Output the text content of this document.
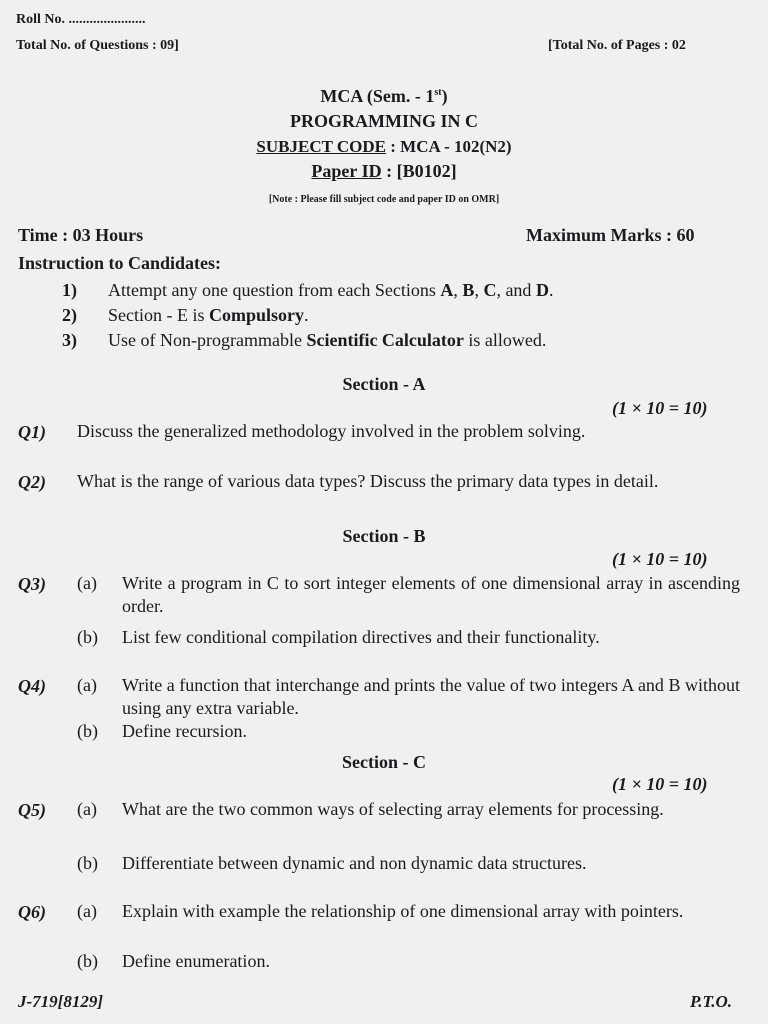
Roll No. ......................
Total No. of Questions : 09]	[Total No. of Pages : 02
MCA (Sem. - 1st)
PROGRAMMING IN C
SUBJECT CODE : MCA - 102(N2)
Paper ID : [B0102]
[Note : Please fill subject code and paper ID on OMR]
Time : 03 Hours	Maximum Marks : 60
Instruction to Candidates:
1) Attempt any one question from each Sections A, B, C, and D.
2) Section - E is Compulsory.
3) Use of Non-programmable Scientific Calculator is allowed.
Section - A
(1 × 10 = 10)
Q1) Discuss the generalized methodology involved in the problem solving.
Q2) What is the range of various data types? Discuss the primary data types in detail.
Section - B
(1 × 10 = 10)
Q3) (a) Write a program in C to sort integer elements of one dimensional array in ascending order.
(b) List few conditional compilation directives and their functionality.
Q4) (a) Write a function that interchange and prints the value of two integers A and B without using any extra variable.
(b) Define recursion.
Section - C
(1 × 10 = 10)
Q5) (a) What are the two common ways of selecting array elements for processing.
(b) Differentiate between dynamic and non dynamic data structures.
Q6) (a) Explain with example the relationship of one dimensional array with pointers.
(b) Define enumeration.
J-719[8129]	P.T.O.
